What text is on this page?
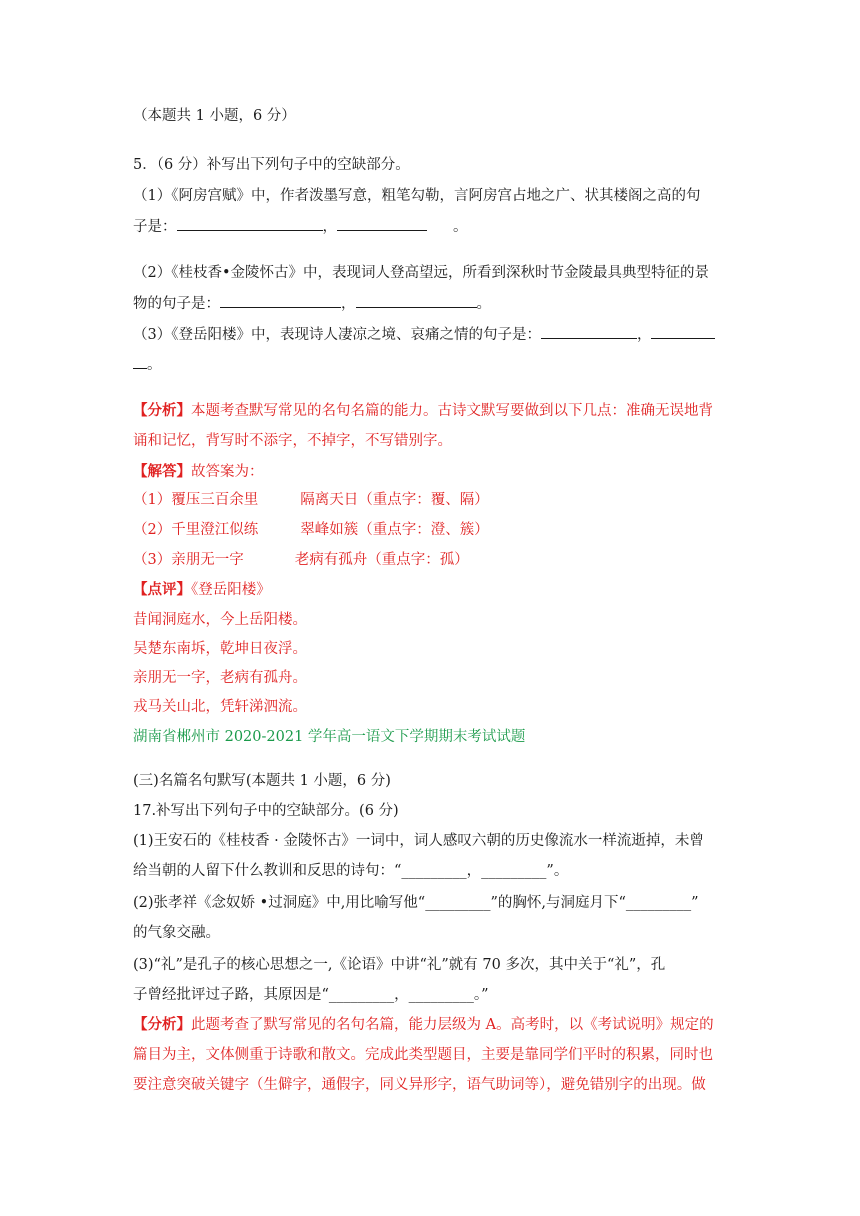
（本题共 1 小题，6 分）
5．（6 分）补写出下列句子中的空缺部分。
（1）《阿房宫赋》中，作者泼墨写意，粗笔勾勒，言阿房宫占地之广、状其楼阁之高的句
子是：	，	。
（2）《桂枝香•金陵怀古》中，表现词人登高望远，所看到深秋时节金陵最具典型特征的景
物的句子是：	，	。
（3）《登岳阳楼》中，表现诗人凄凉之境、哀痛之情的句子是：	，
。
【分析】本题考查默写常见的名句名篇的能力。古诗文默写要做到以下几点：准确无误地背
诵和记忆，背写时不添字，不掉字，不写错别字。
【解答】故答案为：
（1）覆压三百余里	隔离天日（重点字：覆、隔）
（2）千里澄江似练	翠峰如簇（重点字：澄、簇）
（3）亲朋无一字	老病有孤舟（重点字：孤）
【点评】《登岳阳楼》
昔闻洞庭水，今上岳阳楼。
吴楚东南坼，乾坤日夜浮。
亲朋无一字，老病有孤舟。
戎马关山北，凭轩涕泗流。
湖南省郴州市 2020-2021 学年高一语文下学期期末考试试题
(三)名篇名句默写(本题共 1 小题，6 分)
17.补写出下列句子中的空缺部分。(6 分)
(1)王安石的《桂枝香 · 金陵怀古》一词中，词人感叹六朝的历史像流水一样流逝掉，未曾
给当朝的人留下什么教训和反思的诗句：“_________，_________”。
(2)张孝祥《念奴娇 •过洞庭》中,用比喻写他“_________”的胸怀,与洞庭月下“_________”
的气象交融。
(3)“礼”是孔子的核心思想之一,《论语》中讲“礼”就有 70 多次，其中关于“礼”，孔
子曾经批评过子路，其原因是“_________，_________。”
【分析】此题考查了默写常见的名句名篇，能力层级为 A。高考时，以《考试说明》规定的
篇目为主，文体侧重于诗歌和散文。完成此类型题目，主要是靠同学们平时的积累，同时也
要注意突破关键字（生僻字，通假字，同义异形字，语气助词等），避免错别字的出现。做
